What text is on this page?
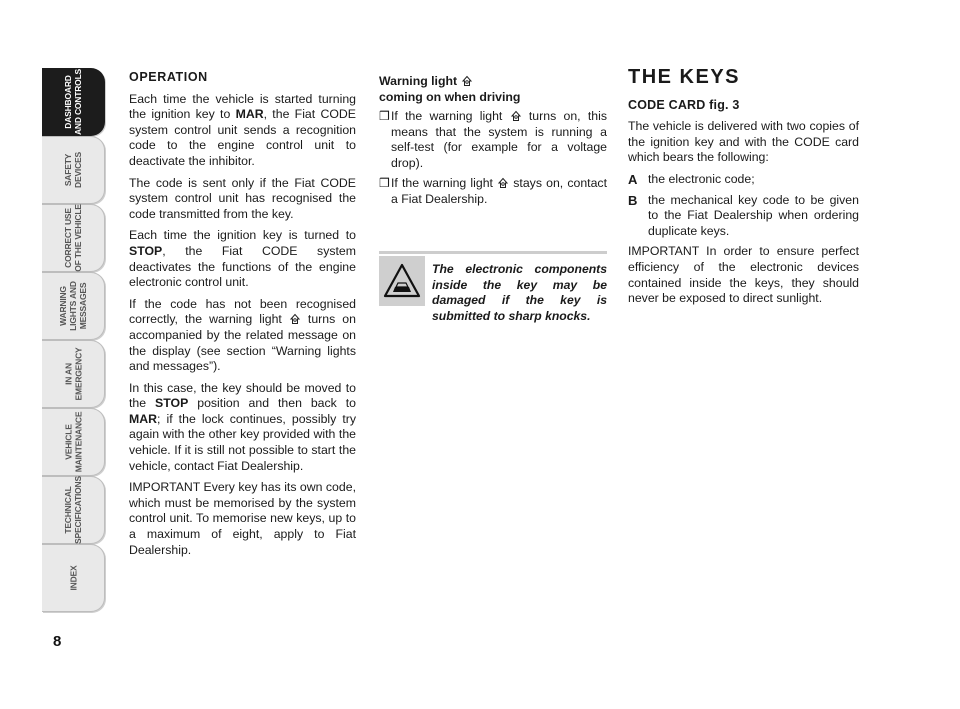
DASHBOARD
AND CONTROLS
SAFETY
DEVICES
CORRECT USE
OF THE VEHICLE
WARNING
LIGHTS AND
MESSAGES
IN AN
EMERGENCY
VEHICLE
MAINTENANCE
TECHNICAL
SPECIFICATIONS
INDEX
8
OPERATION

Each time the vehicle is started turning the ignition key to MAR, the Fiat CODE system control unit sends a recognition code to the engine control unit to deactivate the inhibitor.

The code is sent only if the Fiat CODE system control unit has recognised the code transmitted from the key.

Each time the ignition key is turned to STOP, the Fiat CODE system deactivates the functions of the engine electronic control unit.

If the code has not been recognised correctly, the warning light  turns on accompanied by the related message on the display (see section “Warning lights and messages”).

In this case, the key should be moved to the STOP position and then back to MAR; if the lock continues, possibly try again with the other key provided with the vehicle. If it is still not possible to start the vehicle, contact Fiat Dealership.

IMPORTANT Every key has its own code, which must be memorised by the system control unit. To memorise new keys, up to a maximum of eight, apply to Fiat Dealership.

Warning light
coming on when driving
❒ If the warning light  turns on, this means that the system is running a self-test (for example for a voltage drop).
❒ If the warning light  stays on, contact a Fiat Dealership.
The electronic components inside the key may be damaged if the key is submitted to sharp knocks.
THE KEYS
CODE CARD fig. 3

The vehicle is delivered with two copies of the ignition key and with the CODE card which bears the following:

A the electronic code;
B the mechanical key code to be given to the Fiat Dealership when ordering duplicate keys.

IMPORTANT In order to ensure perfect efficiency of the electronic devices contained inside the keys, they should never be exposed to direct sunlight.
